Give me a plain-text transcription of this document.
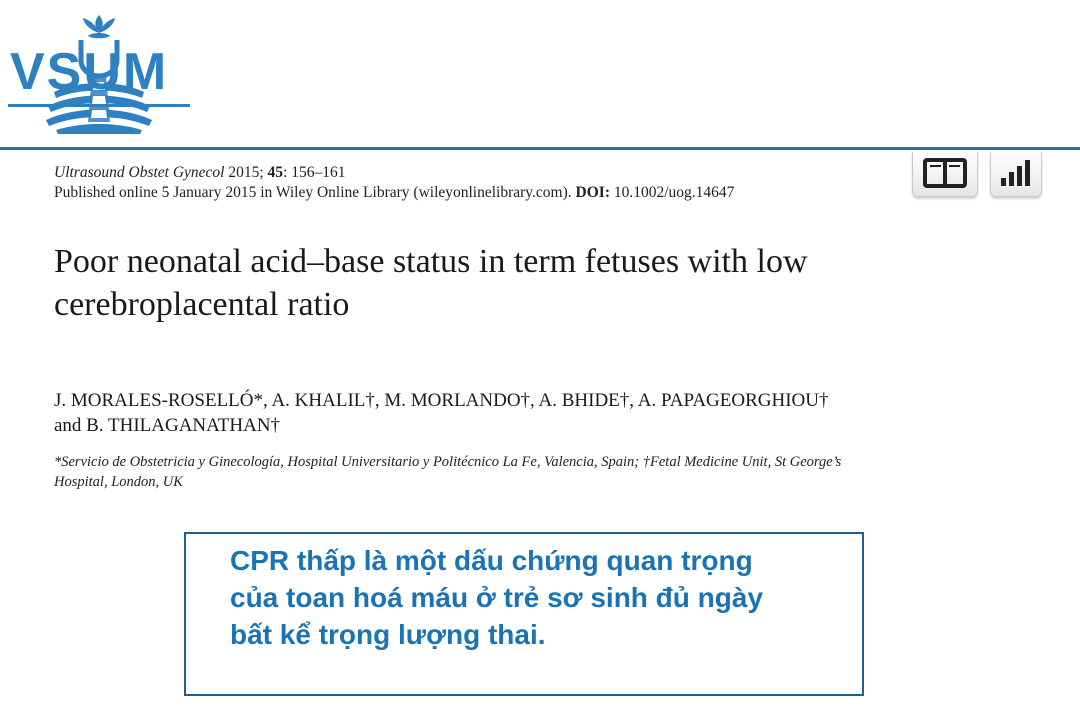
VSUM
Ultrasound Obstet Gynecol 2015; 45: 156–161
Published online 5 January 2015 in Wiley Online Library (wileyonlinelibrary.com). DOI: 10.1002/uog.14647
Poor neonatal acid–base status in term fetuses with low
cerebroplacental ratio
J. MORALES-ROSELLÓ*, A. KHALIL†, M. MORLANDO†, A. BHIDE†, A. PAPAGEORGHIOU†
and B. THILAGANATHAN†
*Servicio de Obstetricia y Ginecología, Hospital Universitario y Politécnico La Fe, Valencia, Spain; †Fetal Medicine Unit, St George’s
Hospital, London, UK
CPR thấp là một dấu chứng quan trọng
của toan hoá máu ở trẻ sơ sinh đủ ngày
bất kể trọng lượng thai.
